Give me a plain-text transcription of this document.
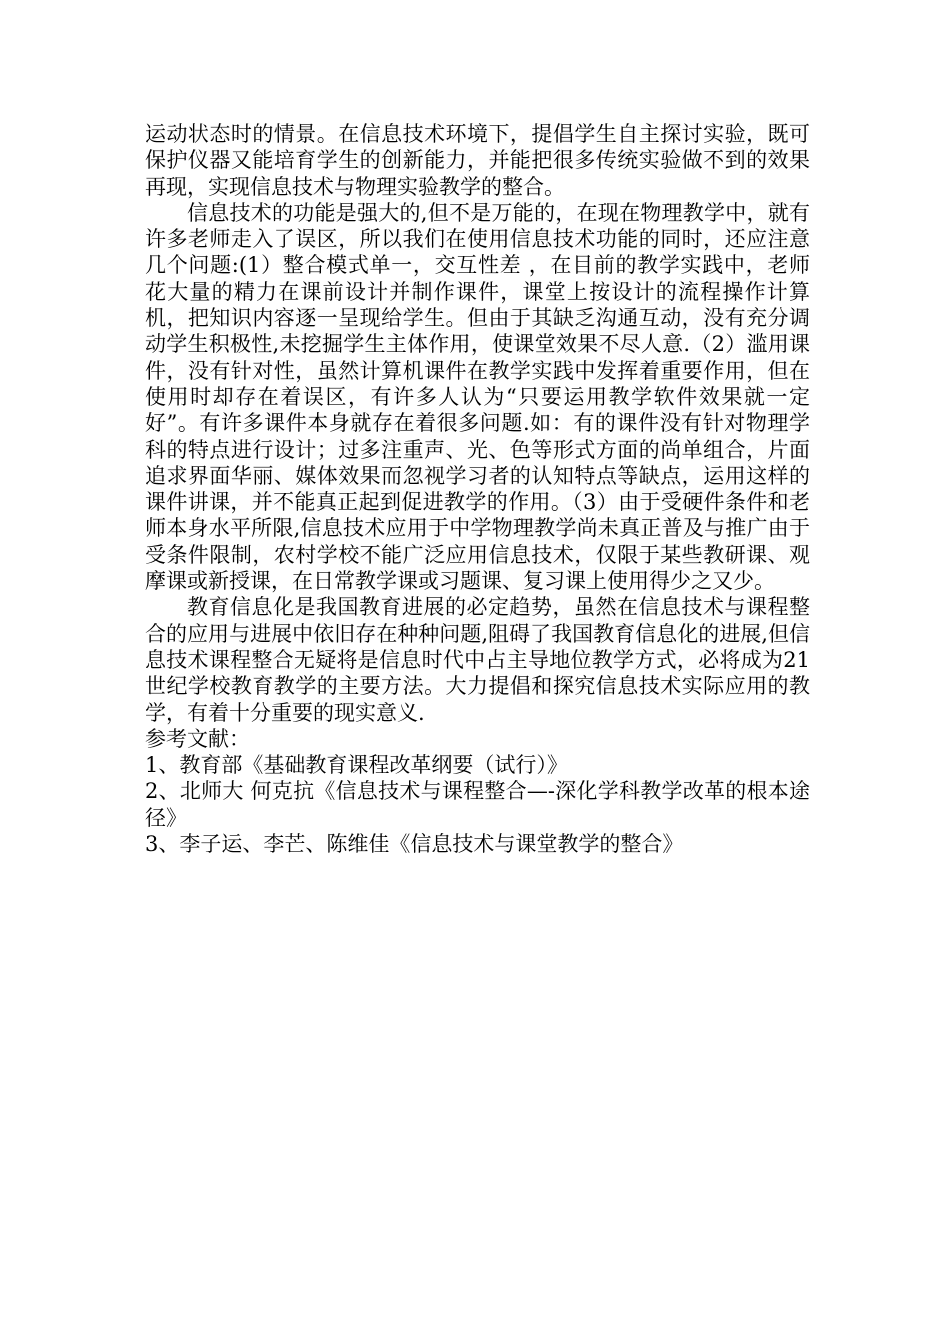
运动状态时的情景。在信息技术环境下，提倡学生自主探讨实验，既可保护仪器又能培育学生的创新能力，并能把很多传统实验做不到的效果再现，实现信息技术与物理实验教学的整合。

信息技术的功能是强大的,但不是万能的，在现在物理教学中，就有许多老师走入了误区，所以我们在使用信息技术功能的同时，还应注意几个问题:(1）整合模式单一，交互性差 ，在目前的教学实践中，老师花大量的精力在课前设计并制作课件，课堂上按设计的流程操作计算机，把知识内容逐一呈现给学生。但由于其缺乏沟通互动，没有充分调动学生积极性,未挖掘学生主体作用，使课堂效果不尽人意.（2）滥用课件，没有针对性，虽然计算机课件在教学实践中发挥着重要作用，但在使用时却存在着误区，有许多人认为“只要运用教学软件效果就一定好”。有许多课件本身就存在着很多问题.如：有的课件没有针对物理学科的特点进行设计；过多注重声、光、色等形式方面的尚单组合，片面追求界面华丽、媒体效果而忽视学习者的认知特点等缺点，运用这样的课件讲课，并不能真正起到促进教学的作用。（3）由于受硬件条件和老师本身水平所限,信息技术应用于中学物理教学尚未真正普及与推广由于受条件限制，农村学校不能广泛应用信息技术，仅限于某些教研课、观摩课或新授课，在日常教学课或习题课、复习课上使用得少之又少。

教育信息化是我国教育进展的必定趋势，虽然在信息技术与课程整合的应用与进展中依旧存在种种问题,阻碍了我国教育信息化的进展,但信息技术课程整合无疑将是信息时代中占主导地位教学方式，必将成为21世纪学校教育教学的主要方法。大力提倡和探究信息技术实际应用的教学，有着十分重要的现实意义.

参考文献：

1、教育部《基础教育课程改革纲要（试行）》
2、北师大 何克抗《信息技术与课程整合—-深化学科教学改革的根本途径》
3、李子运、李芒、陈维佳《信息技术与课堂教学的整合》
